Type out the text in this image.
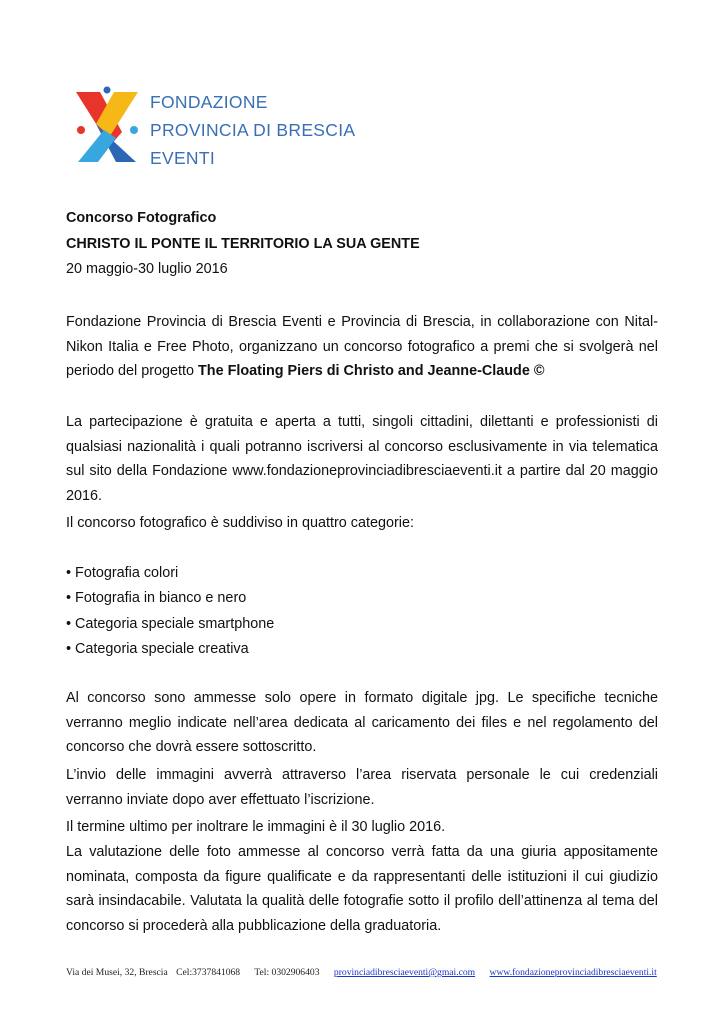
FONDAZIONE
PROVINCIA DI BRESCIA
EVENTI
Concorso Fotografico
CHRISTO IL PONTE IL TERRITORIO LA SUA GENTE
20 maggio-30 luglio 2016

Fondazione Provincia di Brescia Eventi e Provincia di Brescia, in collaborazione con Nital-Nikon Italia e Free Photo, organizzano un concorso fotografico a premi che si svolgerà nel periodo del progetto The Floating Piers di Christo and Jeanne-Claude ©

La partecipazione è gratuita e aperta a tutti, singoli cittadini, dilettanti e professionisti di qualsiasi nazionalità i quali potranno iscriversi al concorso esclusivamente in via telematica sul sito della Fondazione www.fondazioneprovinciadibresciaeventi.it a partire dal 20 maggio 2016.

Il concorso fotografico è suddiviso in quattro categorie:

• Fotografia colori
• Fotografia in bianco e nero
• Categoria speciale smartphone
• Categoria speciale creativa

Al concorso sono ammesse solo opere in formato digitale jpg. Le specifiche tecniche verranno meglio indicate nell’area dedicata al caricamento dei files e nel regolamento del concorso che dovrà essere sottoscritto.

L’invio delle immagini avverrà attraverso l’area riservata personale le cui credenziali verranno inviate dopo aver effettuato l’iscrizione.

Il termine ultimo per inoltrare le immagini è il 30 luglio 2016.

La valutazione delle foto ammesse al concorso verrà fatta da una giuria appositamente nominata, composta da figure qualificate e da rappresentanti delle istituzioni il cui giudizio sarà insindacabile. Valutata la qualità delle fotografie sotto il profilo dell’attinenza al tema del concorso si procederà alla pubblicazione della graduatoria.

Via dei Musei, 32, Brescia Cel:3737841068 Tel: 0302906403 provinciadibresciaeventi@gmai.com www.fondazioneprovinciadibresciaeventi.it
